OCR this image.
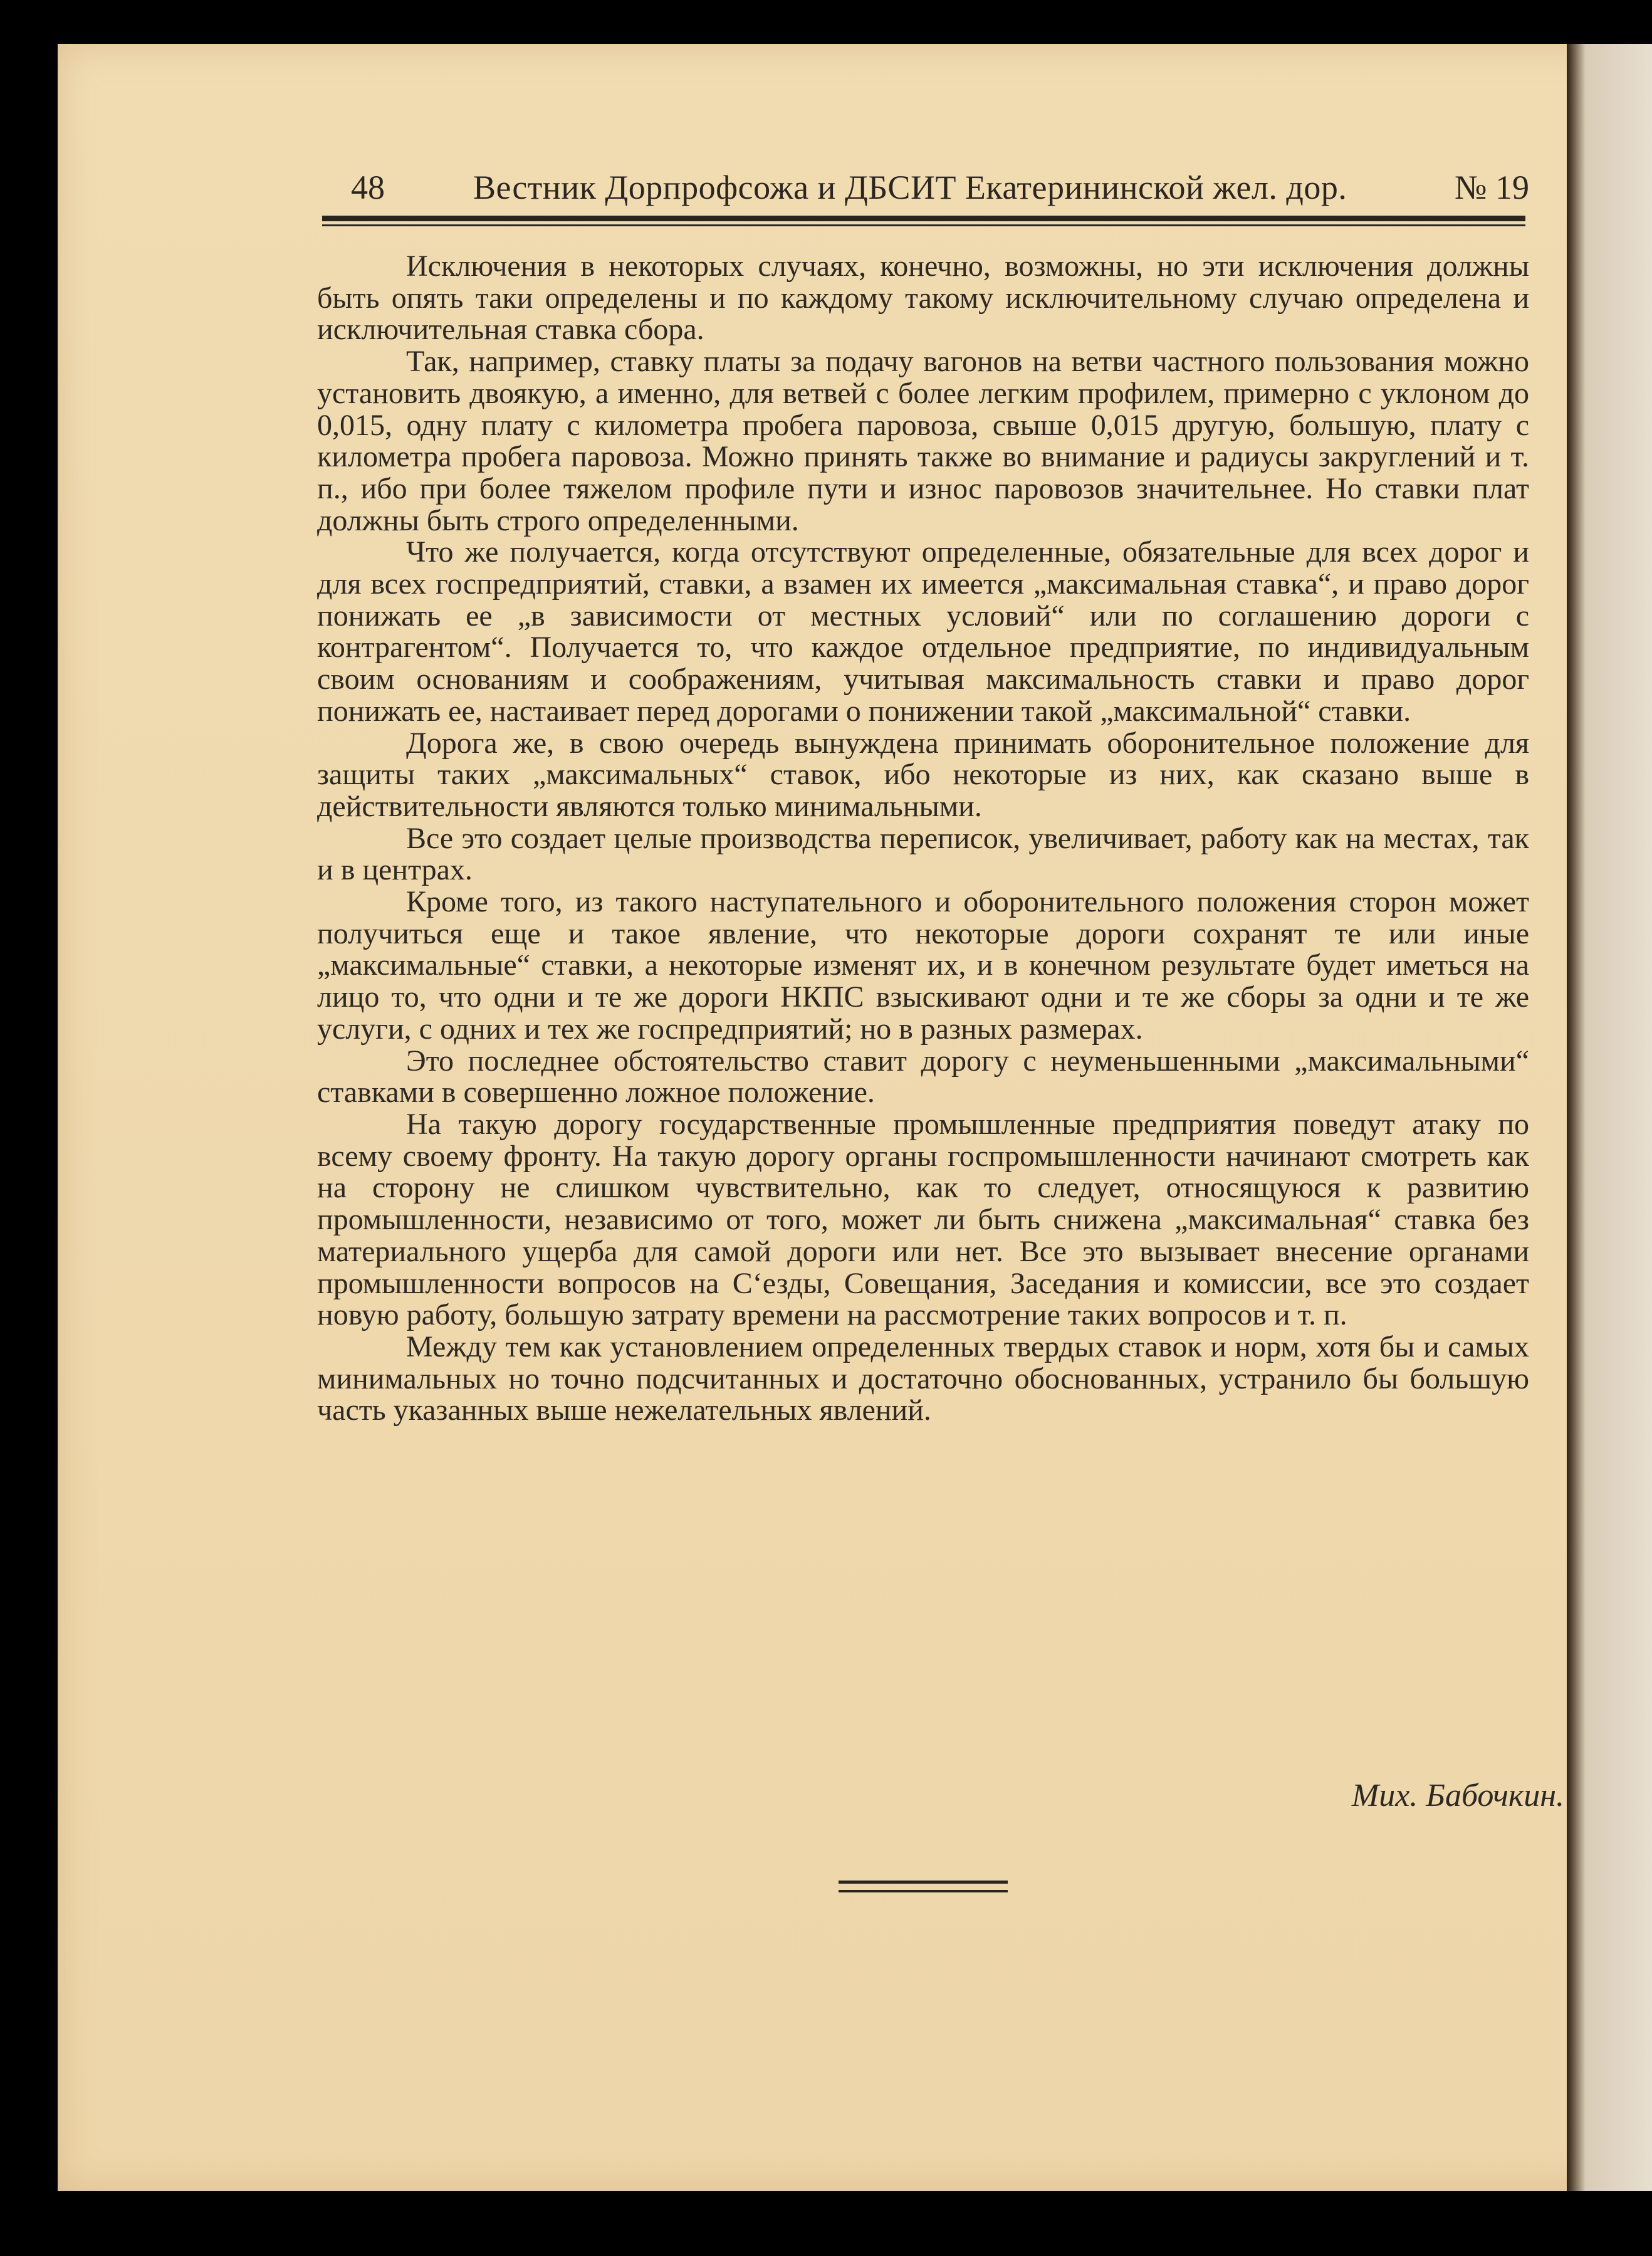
48	Вестник Дорпрофсожа и ДБСИТ Екатерининской жел. дор.	№ 19

Исключения в некоторых случаях, конечно, возможны, но эти исключения должны быть опять таки определены и по каждому такому исключительному случаю определена и исключительная ставка сбора.

Так, например, ставку платы за подачу вагонов на ветви частного пользования можно установить двоякую, а именно, для ветвей с более легким профилем, примерно с уклоном до 0,015, одну плату с километра пробега паровоза, свыше 0,015 другую, большую, плату с километра пробега паровоза. Можно принять также во внимание и радиусы закруглений и т. п., ибо при более тяжелом профиле пути и износ паровозов значительнее. Но ставки плат должны быть строго определенными.

Что же получается, когда отсутствуют определенные, обязательные для всех дорог и для всех госпредприятий, ставки, а взамен их имеется „максимальная ставка“, и право дорог понижать ее „в зависимости от местных условий“ или по соглашению дороги с контрагентом“. Получается то, что каждое отдельное предприятие, по индивидуальным своим основаниям и соображениям, учитывая максимальность ставки и право дорог понижать ее, настаивает перед дорогами о понижении такой „максимальной“ ставки.

Дорога же, в свою очередь вынуждена принимать оборонительное положение для защиты таких „максимальных“ ставок, ибо некоторые из них, как сказано выше в действительности являются только минимальными.

Все это создает целые производства переписок, увеличивает, работу как на местах, так и в центрах.

Кроме того, из такого наступательного и оборонительного положения сторон может получиться еще и такое явление, что некоторые дороги сохранят те или иные „максимальные“ ставки, а некоторые изменят их, и в конечном результате будет иметься на лицо то, что одни и те же дороги НКПС взыскивают одни и те же сборы за одни и те же услуги, с одних и тех же госпредприятий; но в разных размерах.

Это последнее обстоятельство ставит дорогу с неуменьшенными „максимальными“ ставками в совершенно ложное положение.

На такую дорогу государственные промышленные предприятия поведут атаку по всему своему фронту. На такую дорогу органы госпромышленности начинают смотреть как на сторону не слишком чувствительно, как то следует, относящуюся к развитию промышленности, независимо от того, может ли быть снижена „максимальная“ ставка без материального ущерба для самой дороги или нет. Все это вызывает внесение органами промышленности вопросов на С‘езды, Совещания, Заседания и комиссии, все это создает новую работу, большую затрату времени на рассмотрение таких вопросов и т. п.

Между тем как установлением определенных твердых ставок и норм, хотя бы и самых минимальных но точно подсчитанных и достаточно обоснованных, устранило бы большую часть указанных выше нежелательных явлений.

Мих. Бабочкин.
